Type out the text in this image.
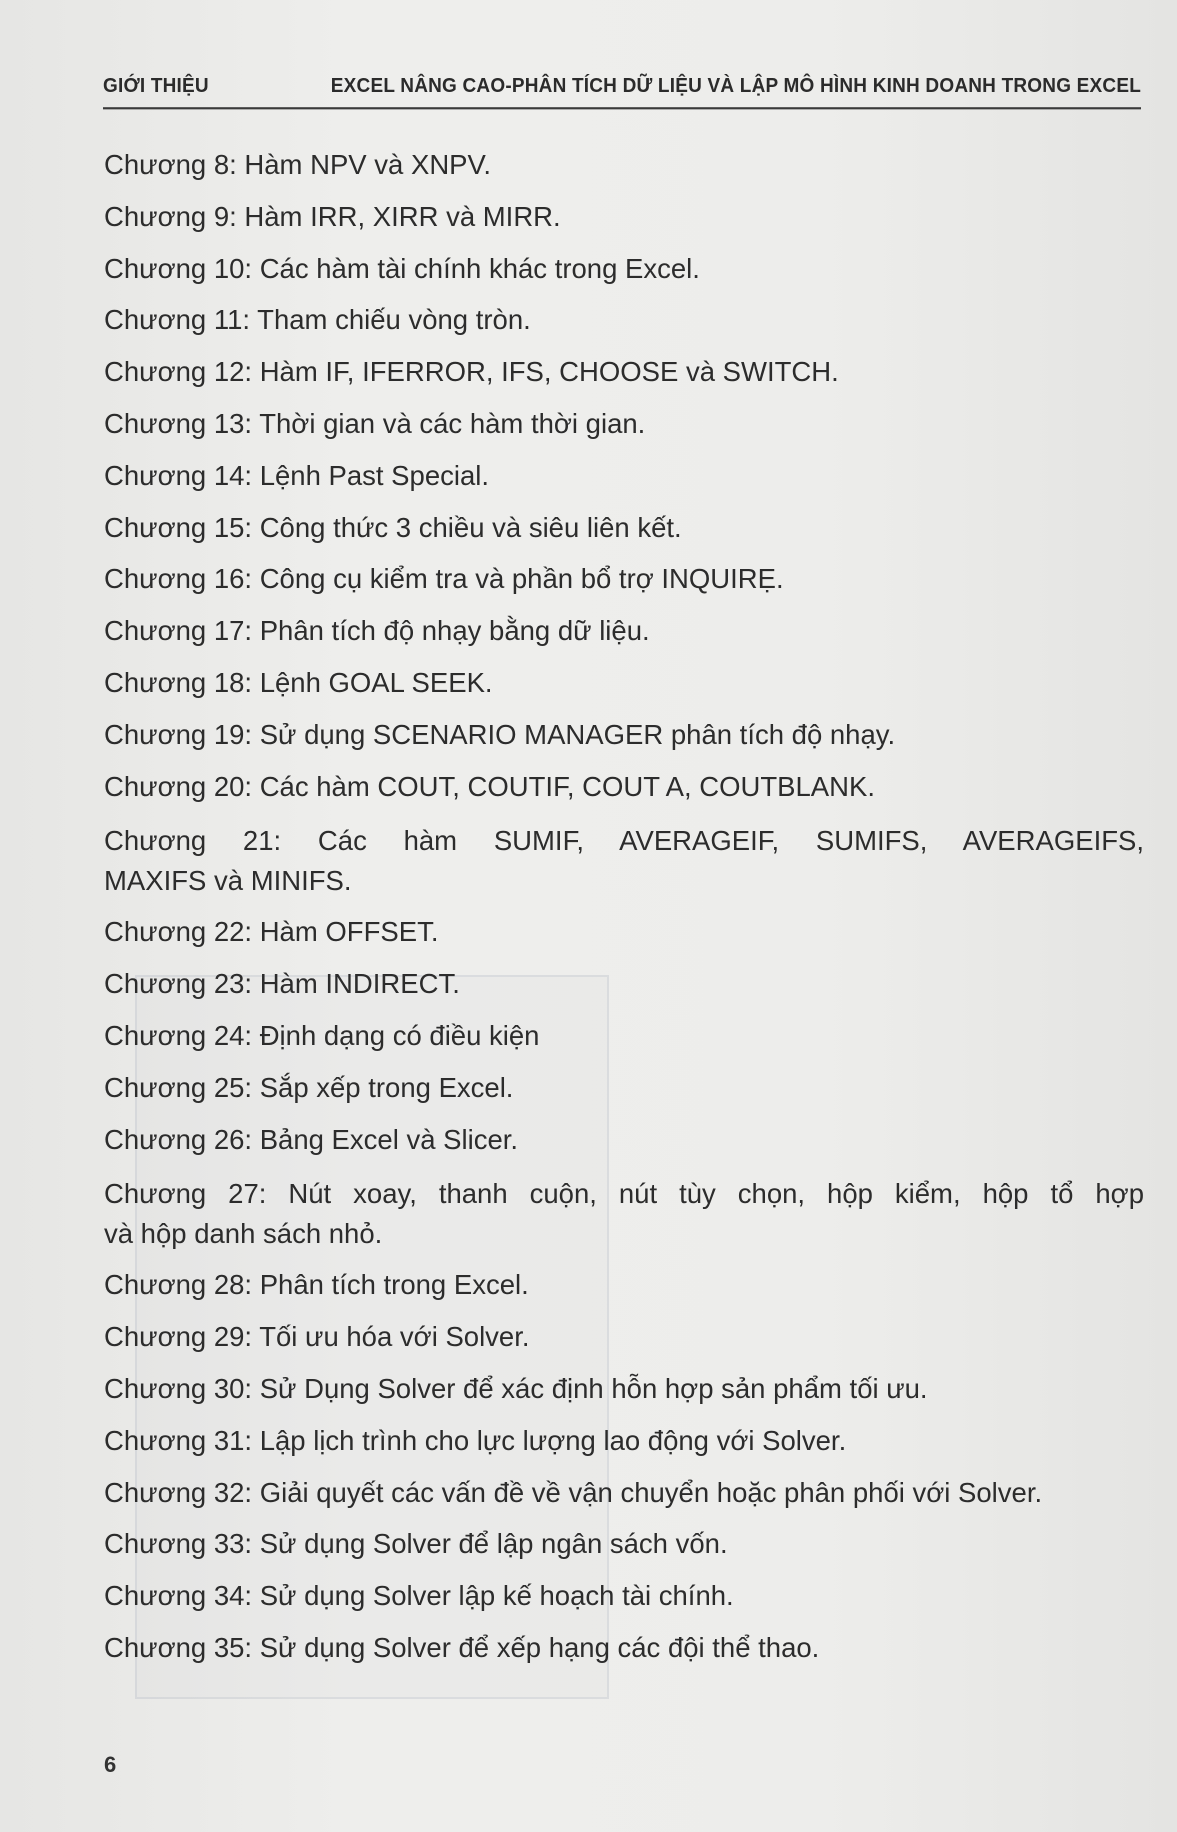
GIỚI THIỆU	EXCEL NÂNG CAO-PHÂN TÍCH DỮ LIỆU VÀ LẬP MÔ HÌNH KINH DOANH TRONG EXCEL
Chương 8: Hàm NPV và XNPV.
Chương 9: Hàm IRR, XIRR và MIRR.
Chương 10: Các hàm tài chính khác trong Excel.
Chương 11: Tham chiếu vòng tròn.
Chương 12: Hàm IF, IFERROR, IFS, CHOOSE và SWITCH.
Chương 13: Thời gian và các hàm thời gian.
Chương 14: Lệnh Past Special.
Chương 15: Công thức 3 chiều và siêu liên kết.
Chương 16: Công cụ kiểm tra và phần bổ trợ INQUIRẸ.
Chương 17: Phân tích độ nhạy bằng dữ liệu.
Chương 18: Lệnh GOAL SEEK.
Chương 19: Sử dụng SCENARIO MANAGER phân tích độ nhạy.
Chương 20: Các hàm COUT, COUTIF, COUT A, COUTBLANK.
Chương 21: Các hàm SUMIF, AVERAGEIF, SUMIFS, AVERAGEIFS,
MAXIFS và MINIFS.
Chương 22: Hàm OFFSET.
Chương 23: Hàm INDIRECT.
Chương 24: Định dạng có điều kiện
Chương 25: Sắp xếp trong Excel.
Chương 26: Bảng Excel và Slicer.
Chương 27: Nút xoay, thanh cuộn, nút tùy chọn, hộp kiểm, hộp tổ hợp
và hộp danh sách nhỏ.
Chương 28: Phân tích trong Excel.
Chương 29: Tối ưu hóa với Solver.
Chương 30: Sử Dụng Solver để xác định hỗn hợp sản phẩm tối ưu.
Chương 31: Lập lịch trình cho lực lượng lao động với Solver.
Chương 32: Giải quyết các vấn đề về vận chuyển hoặc phân phối với Solver.
Chương 33: Sử dụng Solver để lập ngân sách vốn.
Chương 34: Sử dụng Solver lập kế hoạch tài chính.
Chương 35: Sử dụng Solver để xếp hạng các đội thể thao.
6
